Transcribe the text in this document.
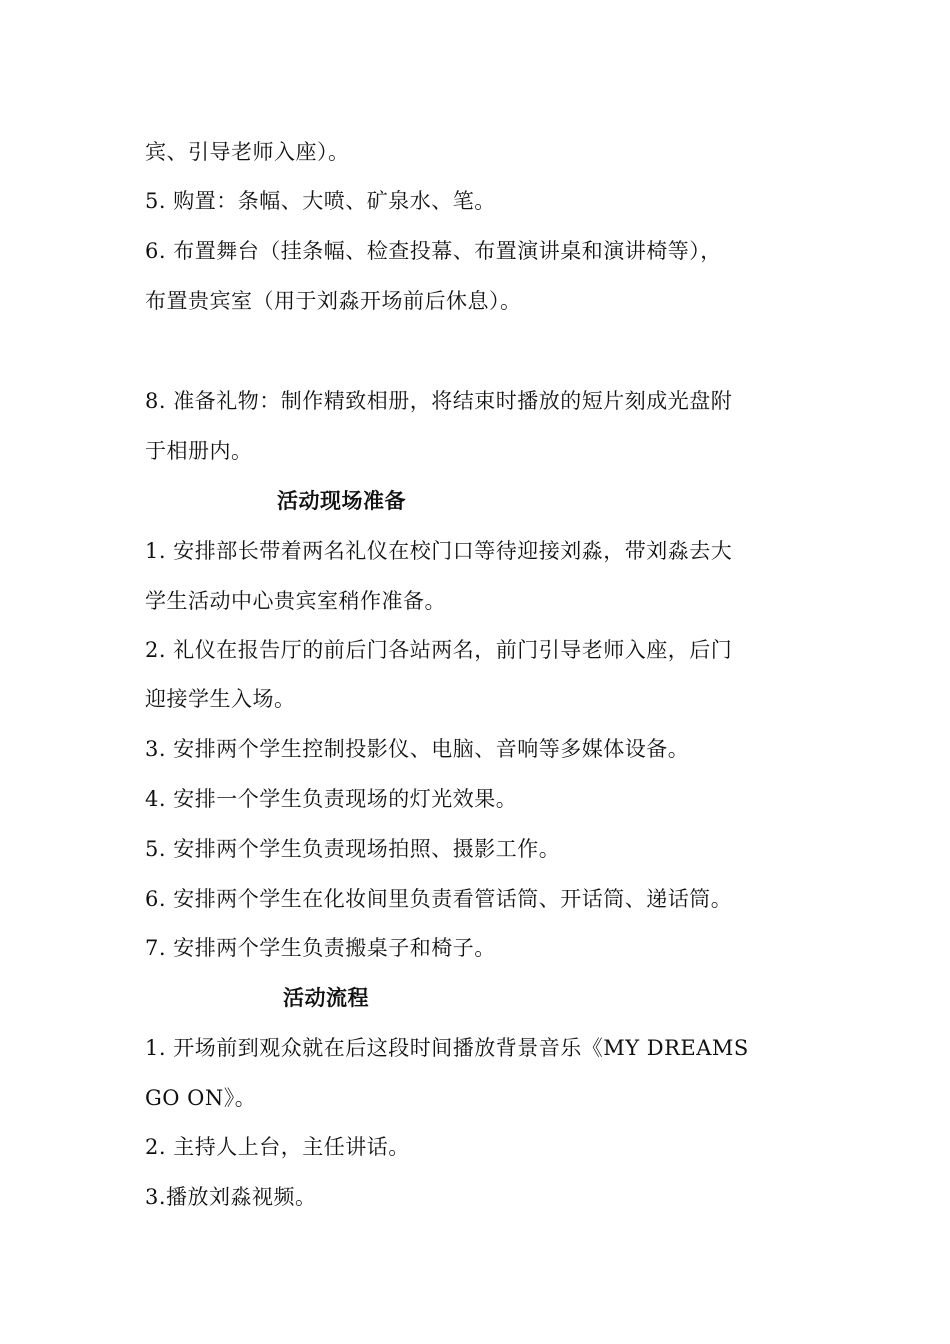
宾、引导老师入座）。
5. 购置：条幅、大喷、矿泉水、笔。
6. 布置舞台（挂条幅、检查投幕、布置演讲桌和演讲椅等），
布置贵宾室（用于刘淼开场前后休息）。
8. 准备礼物：制作精致相册，将结束时播放的短片刻成光盘附
于相册内。
活动现场准备
1. 安排部长带着两名礼仪在校门口等待迎接刘淼，带刘淼去大
学生活动中心贵宾室稍作准备。
2. 礼仪在报告厅的前后门各站两名，前门引导老师入座，后门
迎接学生入场。
3. 安排两个学生控制投影仪、电脑、音响等多媒体设备。
4. 安排一个学生负责现场的灯光效果。
5. 安排两个学生负责现场拍照、摄影工作。
6. 安排两个学生在化妆间里负责看管话筒、开话筒、递话筒。
7. 安排两个学生负责搬桌子和椅子。
活动流程
1. 开场前到观众就在后这段时间播放背景音乐《MY DREAMS
GO ON》。
2. 主持人上台，主任讲话。
3.播放刘淼视频。
